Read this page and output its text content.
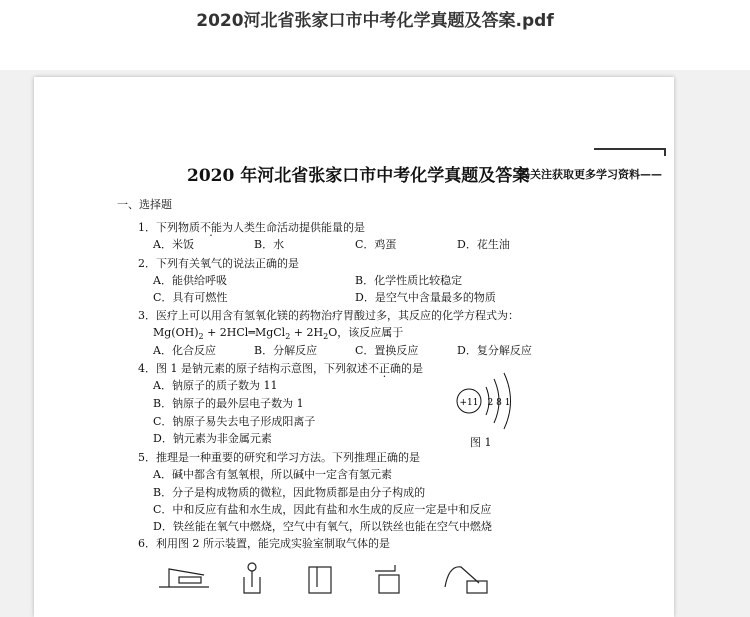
2020河北省张家口市中考化学真题及答案.pdf
2020 年河北省张家口市中考化学真题及答案
码关注获取更多学习资料——
一、选择题
1．下列物质不能为人类生命活动提供能量的是
A．米饭	B．水	C．鸡蛋	D．花生油
2．下列有关氧气的说法正确的是
A．能供给呼吸	B．化学性质比较稳定
C．具有可燃性	D．是空气中含量最多的物质
3．医疗上可以用含有氢氧化镁的药物治疗胃酸过多，其反应的化学方程式为：
$Mg(OH)_2$ + 2HCl═MgCl$_2$ + $2H_2O$，该反应属于
A．化合反应	B．分解反应	C．置换反应	D．复分解反应
4．图 1 是钠元素的原子结构示意图，下列叙述不正确的是
A．钠原子的质子数为 11
B．钠原子的最外层电子数为 1
C．钠原子易失去电子形成阳离子
D．钠元素为非金属元素
+11 2 8 1
图 1
5．推理是一种重要的研究和学习方法。下列推理正确的是
A．碱中都含有氢氧根，所以碱中一定含有氢元素
B．分子是构成物质的微粒，因此物质都是由分子构成的
C．中和反应有盐和水生成，因此有盐和水生成的反应一定是中和反应
D．铁丝能在氧气中燃烧，空气中有氧气，所以铁丝也能在空气中燃烧
6．利用图 2 所示装置，能完成实验室制取气体的是
